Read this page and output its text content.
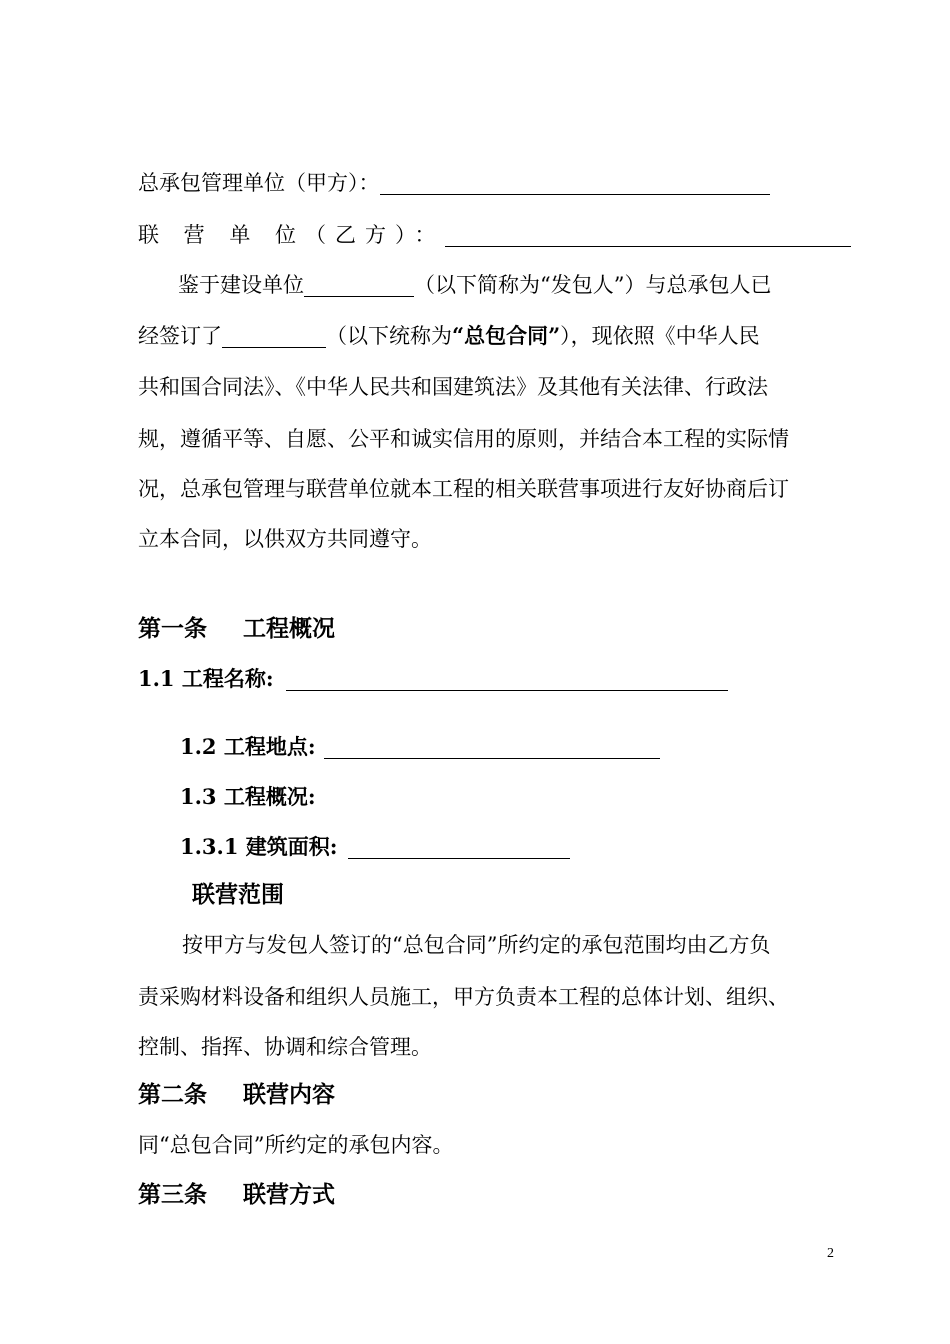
总承包管理单位（甲方）：
联 营 单 位（乙方）：
鉴于建设单位	（以下简称为“发包人”）与总承包人已
经签订了	（以下统称为“总包合同”），现依照《中华人民
共和国合同法》、《中华人民共和国建筑法》及其他有关法律、行政法
规，遵循平等、自愿、公平和诚实信用的原则，并结合本工程的实际情
况，总承包管理与联营单位就本工程的相关联营事项进行友好协商后订
立本合同，以供双方共同遵守。
第一条 工程概况
1.1 工程名称:
1.2 工程地点:
1.3 工程概况:
1.3.1 建筑面积:
联营范围
按甲方与发包人签订的“总包合同”所约定的承包范围均由乙方负
责采购材料设备和组织人员施工，甲方负责本工程的总体计划、组织、
控制、指挥、协调和综合管理。
第二条 联营内容
同“总包合同”所约定的承包内容。
第三条 联营方式
2
